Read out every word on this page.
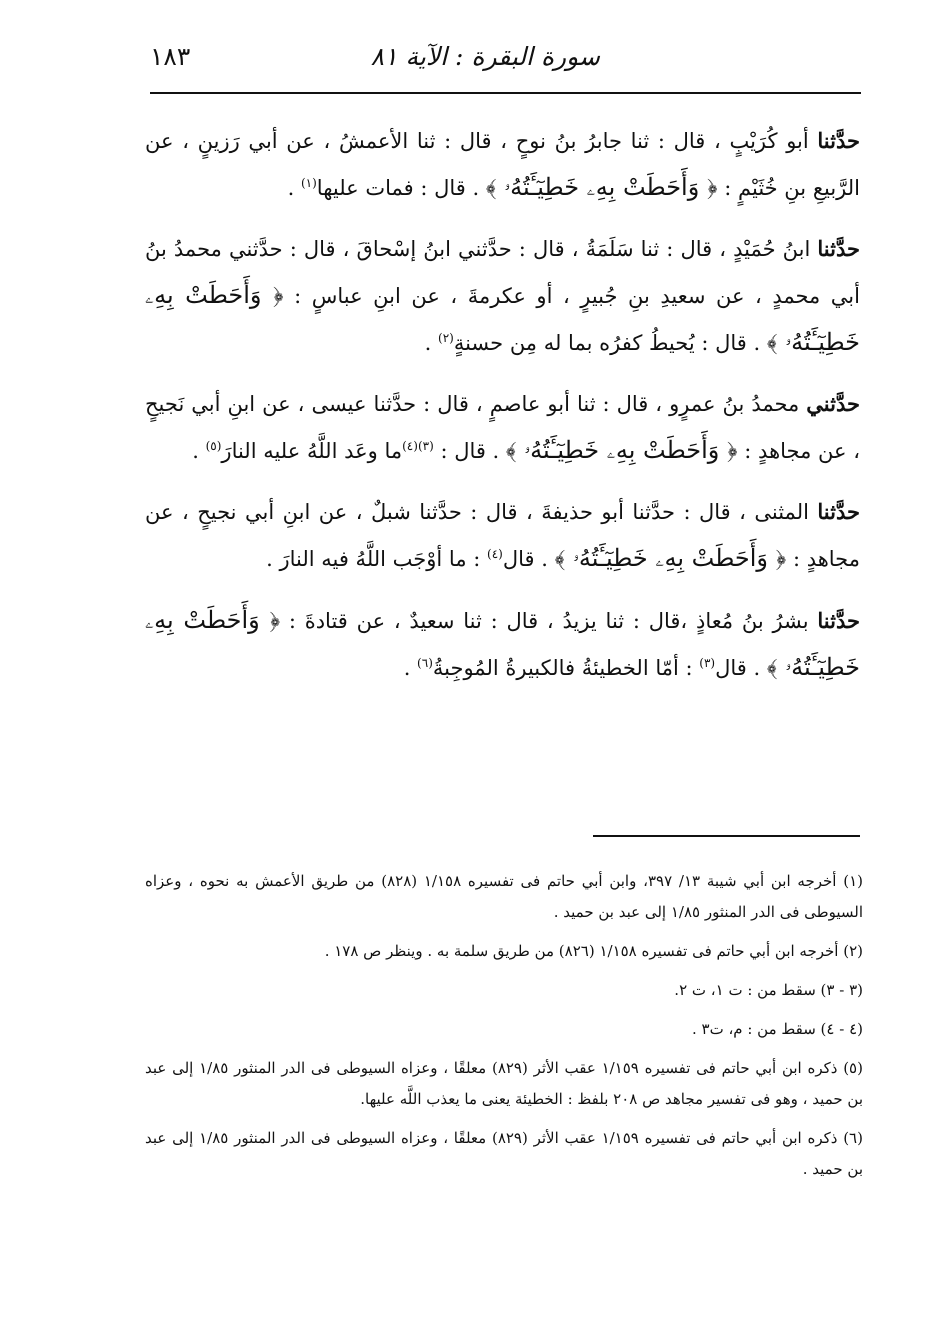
سورة البقرة : الآية ٨١
١٨٣

حدَّثنا أبو كُرَيْبٍ ، قال : ثنا جابرُ بنُ نوحٍ ، قال : ثنا الأعمشُ ، عن أبي رَزينٍ ، عن الرَّبيعِ بنِ خُثَيْمٍ : ﴿ وَأَحَطَتْ بِهِۦ خَطِيٓـَٔتُهُۥ ﴾ . قال : فمات عليها$^{(١)}$ .

حدَّثنا ابنُ حُمَيْدٍ ، قال : ثنا سَلَمَةُ ، قال : حدَّثني ابنُ إسْحاقَ ، قال : حدَّثني محمدُ بنُ أبي محمدٍ ، عن سعيدِ بنِ جُبيرٍ ، أو عكرمةَ ، عن ابنِ عباسٍ : ﴿ وَأَحَطَتْ بِهِۦ خَطِيٓـَٔتُهُۥ ﴾ . قال : يُحيطُ كفرُه بما له مِن حسنةٍ$^{(٢)}$ .

حدَّثني محمدُ بنُ عمرٍو ، قال : ثنا أبو عاصمٍ ، قال : حدَّثنا عيسى ، عن ابنِ أبي نَجيحٍ ، عن مجاهدٍ : ﴿ وَأَحَطَتْ بِهِۦ خَطِيٓـَٔتُهُۥ ﴾ . قال : $^{(٣)(٤)}$ما وعَد اللَّهُ عليه النارَ$^{(٥)}$ .

حدَّثنا المثنى ، قال : حدَّثنا أبو حذيفةَ ، قال : حدَّثنا شبلٌ ، عن ابنِ أبي نجيحٍ ، عن مجاهدٍ : ﴿ وَأَحَطَتْ بِهِۦ خَطِيٓـَٔتُهُۥ ﴾ . قال$^{(٤)}$ : ما أوْجَب اللَّهُ فيه النارَ .

حدَّثنا بشرُ بنُ مُعاذٍ ،قال : ثنا يزيدُ ، قال : ثنا سعيدٌ ، عن قتادةَ : ﴿ وَأَحَطَتْ بِهِۦ خَطِيٓـَٔتُهُۥ ﴾ . قال$^{(٣)}$ : أمّا الخطيئةُ فالكبيرةُ المُوجِبةُ$^{(٦)}$ .

(١) أخرجه ابن أبي شيبة ١٣/ ٣٩٧، وابن أبي حاتم فى تفسيره ١/١٥٨ (٨٢٨) من طريق الأعمش به نحوه ، وعزاه السيوطى فى الدر المنثور ١/٨٥ إلى عبد بن حميد .

(٢) أخرجه ابن أبي حاتم فى تفسيره ١/١٥٨ (٨٢٦) من طريق سلمة به . وينظر ص ١٧٨ .

(٣ - ٣) سقط من : ت ١، ت ٢.

(٤ - ٤) سقط من : م، ت٣ .

(٥) ذكره ابن أبي حاتم فى تفسيره ١/١٥٩ عقب الأثر (٨٢٩) معلقًا ، وعزاه السيوطى فى الدر المنثور ١/٨٥ إلى عبد بن حميد ، وهو فى تفسير مجاهد ص ٢٠٨ بلفظ : الخطيئة يعنى ما يعذب اللَّه عليها.

(٦) ذكره ابن أبي حاتم فى تفسيره ١/١٥٩ عقب الأثر (٨٢٩) معلقًا ، وعزاه السيوطى فى الدر المنثور ١/٨٥ إلى عبد بن حميد .
